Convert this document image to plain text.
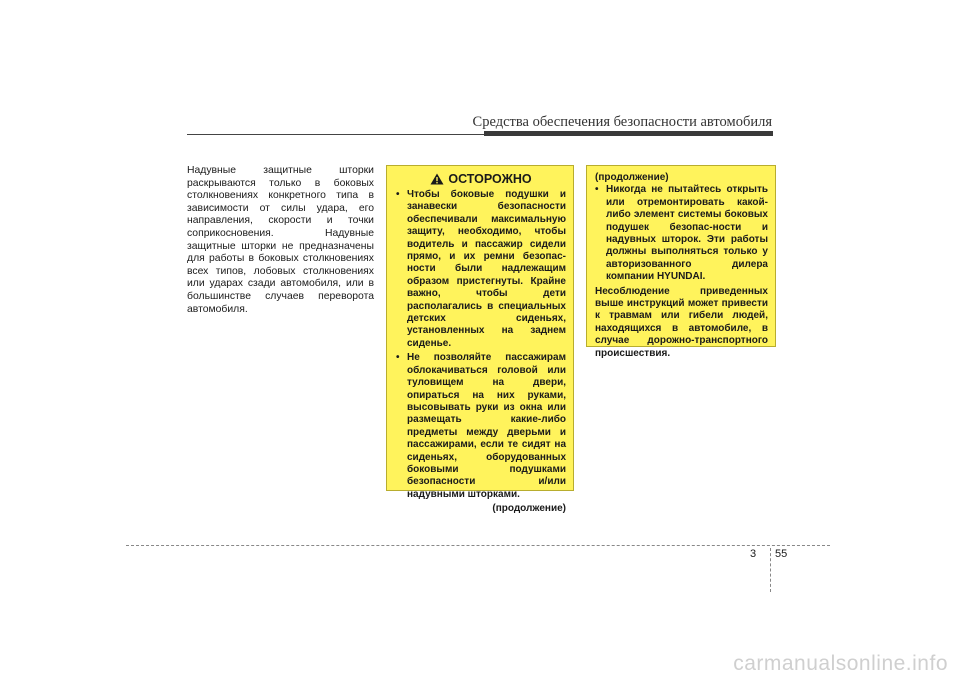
Средства обеспечения безопасности автомобиля

Надувные защитные шторки раскрываются только в боковых столкновениях конкретного типа в зависимости от силы удара, его направления, скорости и точки соприкосновения. Надувные защитные шторки не предназначены для работы в боковых столкновениях всех типов, лобовых столкновениях или ударах сзади автомобиля, или в большинстве случаев переворота автомобиля.

ОСТОРОЖНО
• Чтобы боковые подушки и занавески безопасности обеспечивали максимальную защиту, необходимо, чтобы водитель и пассажир сидели прямо, и их ремни безопас-ности были надлежащим образом пристегнуты. Крайне важно, чтобы дети располагались в специальных детских сиденьях, установленных на заднем сиденье.
• Не позволяйте пассажирам облокачиваться головой или туловищем на двери, опираться на них руками, высовывать руки из окна или размещать какие-либо предметы между дверьми и пассажирами, если те сидят на сиденьях, оборудованных боковыми подушками безопасности и/или надувными шторками.
(продолжение)
(продолжение)
• Никогда не пытайтесь открыть или отремонтировать какой-либо элемент системы боковых подушек безопас-ности и надувных шторок. Эти работы должны выполняться только у авторизованного дилера компании HYUNDAI.

Несоблюдение приведенных выше инструкций может привести к травмам или гибели людей, находящихся в автомобиле, в случае дорожно-транспортного происшествия.

3 55
carmanualsonline.info
